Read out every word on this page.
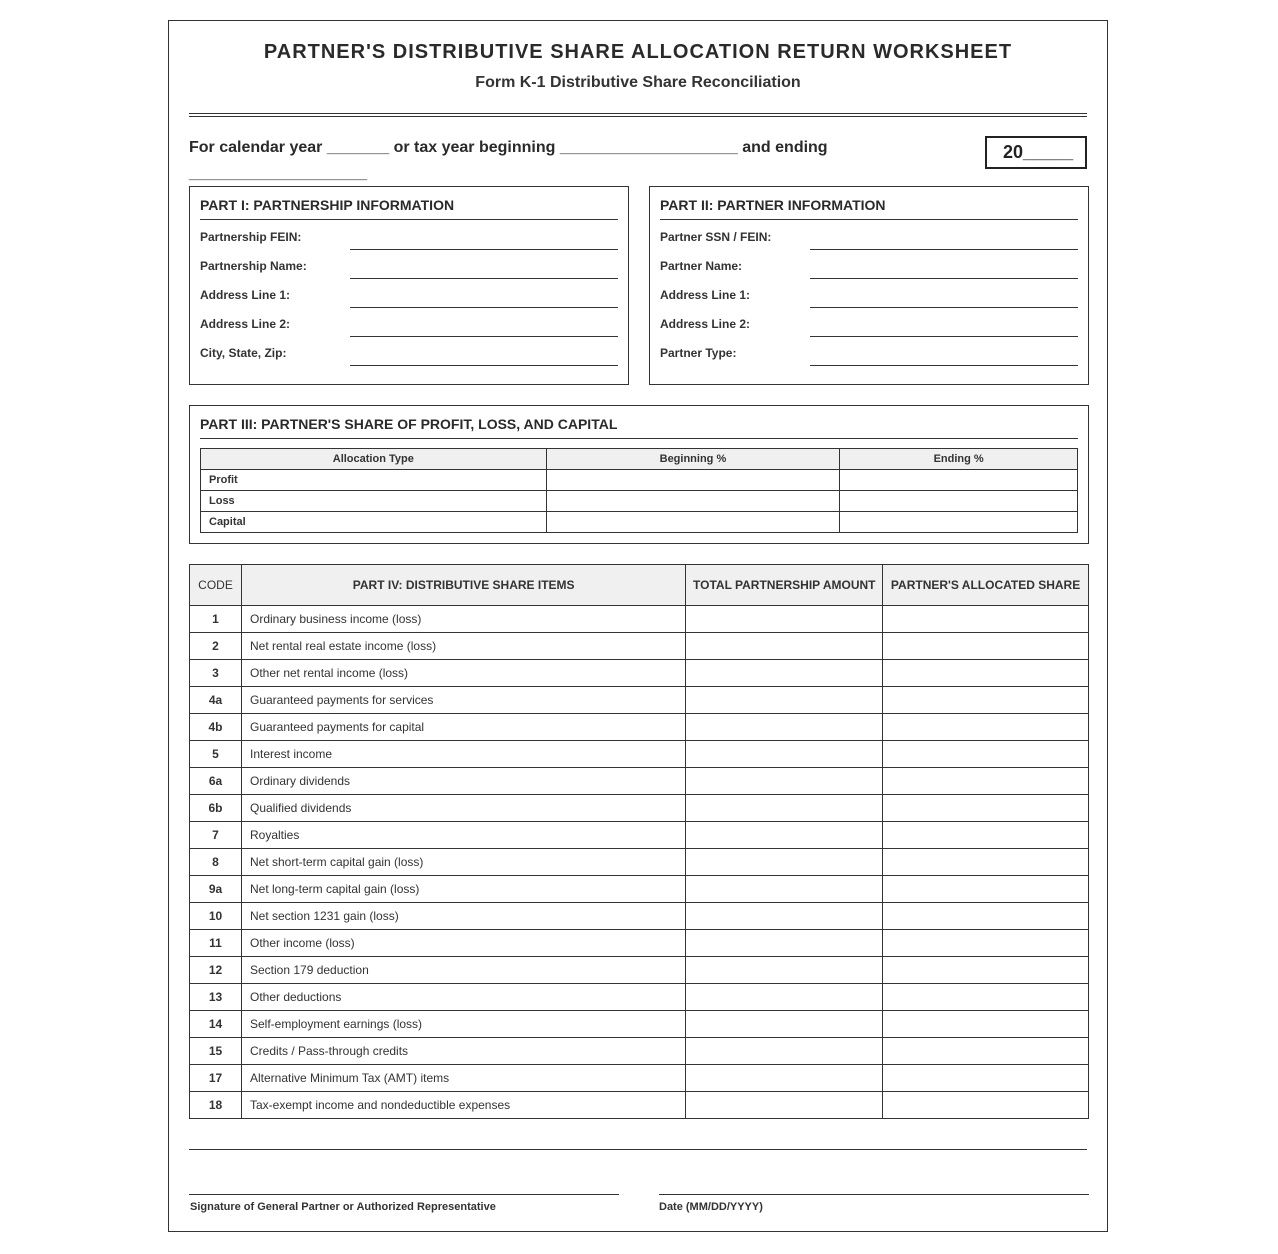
PARTNER'S DISTRIBUTIVE SHARE ALLOCATION RETURN WORKSHEET
Form K-1 Distributive Share Reconciliation
For calendar year _______ or tax year beginning ____________________ and ending ____________________
20_____
PART I: PARTNERSHIP INFORMATION
Partnership FEIN:
Partnership Name:
Address Line 1:
Address Line 2:
City, State, Zip:
PART II: PARTNER INFORMATION
Partner SSN / FEIN:
Partner Name:
Address Line 1:
Address Line 2:
Partner Type:
PART III: PARTNER'S SHARE OF PROFIT, LOSS, AND CAPITAL
Allocation Type	Beginning %	Ending %
Profit		
Loss		
Capital		
CODE	PART IV: DISTRIBUTIVE SHARE ITEMS	TOTAL PARTNERSHIP AMOUNT	PARTNER'S ALLOCATED SHARE
1	Ordinary business income (loss)		
2	Net rental real estate income (loss)		
3	Other net rental income (loss)		
4a	Guaranteed payments for services		
4b	Guaranteed payments for capital		
5	Interest income		
6a	Ordinary dividends		
6b	Qualified dividends		
7	Royalties		
8	Net short-term capital gain (loss)		
9a	Net long-term capital gain (loss)		
10	Net section 1231 gain (loss)		
11	Other income (loss)		
12	Section 179 deduction		
13	Other deductions		
14	Self-employment earnings (loss)		
15	Credits / Pass-through credits		
17	Alternative Minimum Tax (AMT) items		
18	Tax-exempt income and nondeductible expenses		
Signature of General Partner or Authorized Representative	Date (MM/DD/YYYY)
